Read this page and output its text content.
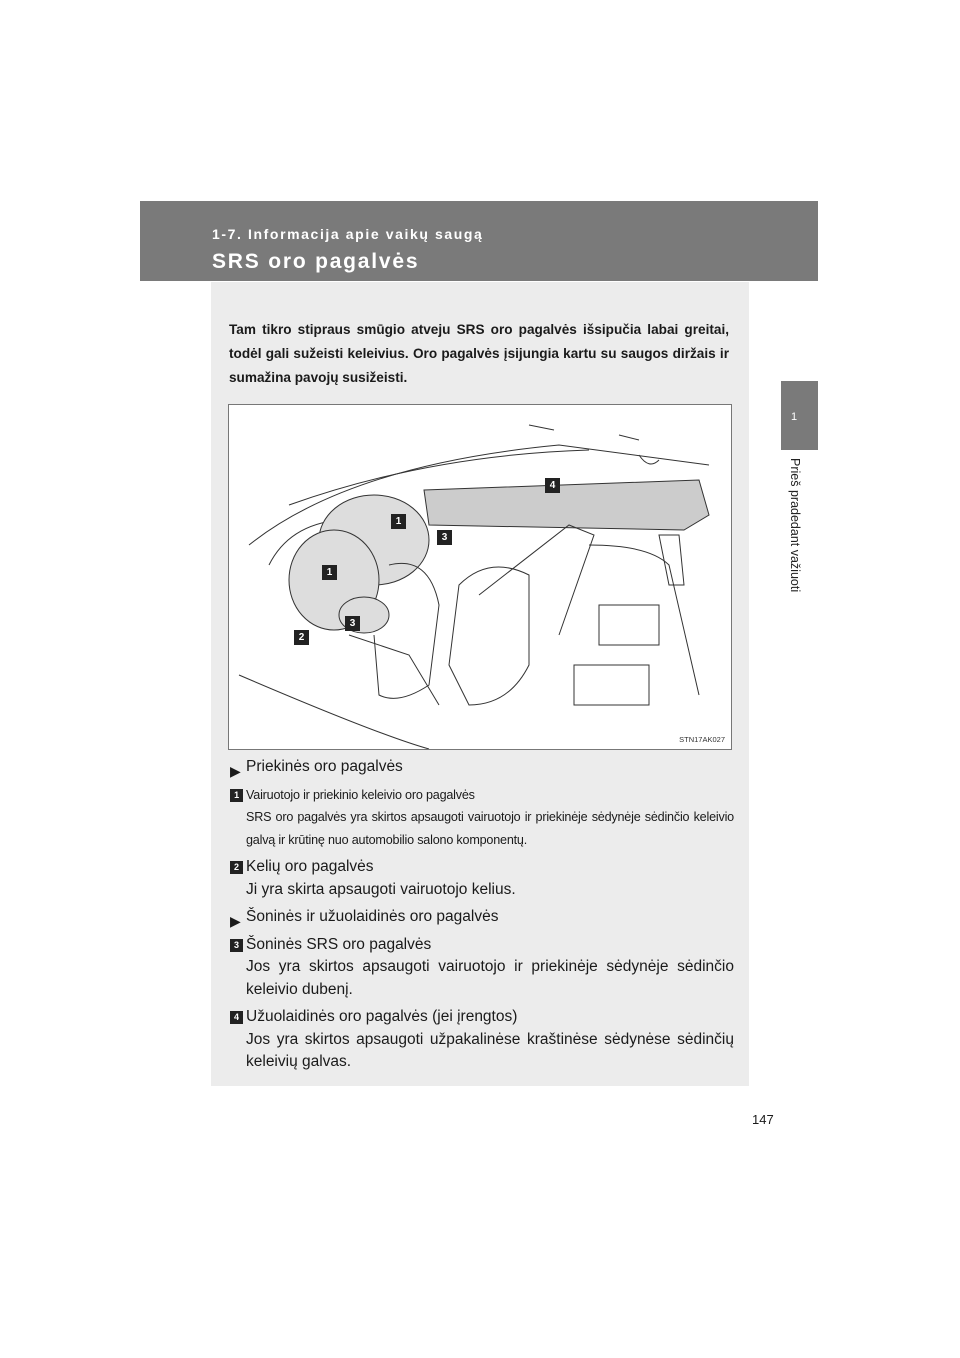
1-7. Informacija apie vaikų saugą
SRS oro pagalvės
1
Prieš pradedant važiuoti
Tam tikro stipraus smūgio atveju SRS oro pagalvės išsipučia labai greitai, todėl gali sužeisti keleivius. Oro pagalvės įsijungia kartu su saugos diržais ir sumažina pavojų susižeisti.
1
1
2
3
3
4
STN17AK027
▶ Priekinės oro pagalvės
1 Vairuotojo ir priekinio keleivio oro pagalvės
SRS oro pagalvės yra skirtos apsaugoti vairuotojo ir priekinėje sėdynėje sėdinčio keleivio galvą ir krūtinę nuo automobilio salono komponentų.
2 Kelių oro pagalvės
Ji yra skirta apsaugoti vairuotojo kelius.
▶ Šoninės ir užuolaidinės oro pagalvės
3 Šoninės SRS oro pagalvės
Jos yra skirtos apsaugoti vairuotojo ir priekinėje sėdynėje sėdinčio keleivio dubenį.
4 Užuolaidinės oro pagalvės (jei įrengtos)
Jos yra skirtos apsaugoti užpakalinėse kraštinėse sėdynėse sėdinčių keleivių galvas.
147
